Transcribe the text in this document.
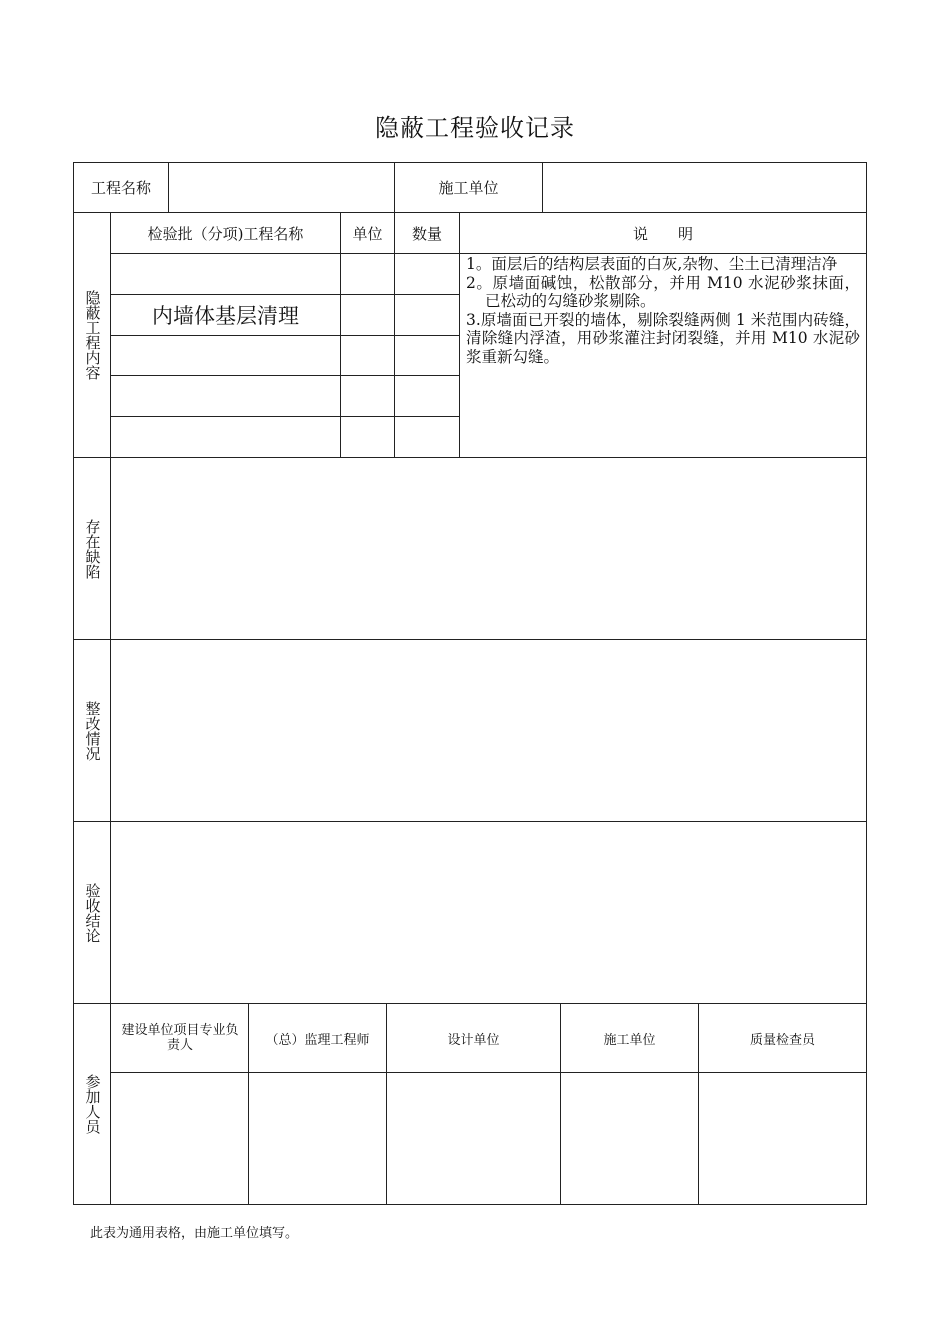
隐蔽工程验收记录
工程名称	施工单位
隐蔽工程内容
检验批（分项)工程名称	单位	数量	说　　明
内墙体基层清理

1。面层后的结构层表面的白灰,杂物、尘土已清理洁净

2。原墙面碱蚀，松散部分，并用 M10 水泥砂浆抹面，已松动的勾缝砂浆剔除。

3.原墙面已开裂的墙体，剔除裂缝两侧 1 米范围内砖缝，清除缝内浮渣，用砂浆灌注封闭裂缝，并用 M10 水泥砂浆重新勾缝。

存在缺陷
整改情况
验收结论
参加人员
建设单位项目专业负责人	（总）监理工程师	设计单位	施工单位	质量检查员
此表为通用表格，由施工单位填写。
